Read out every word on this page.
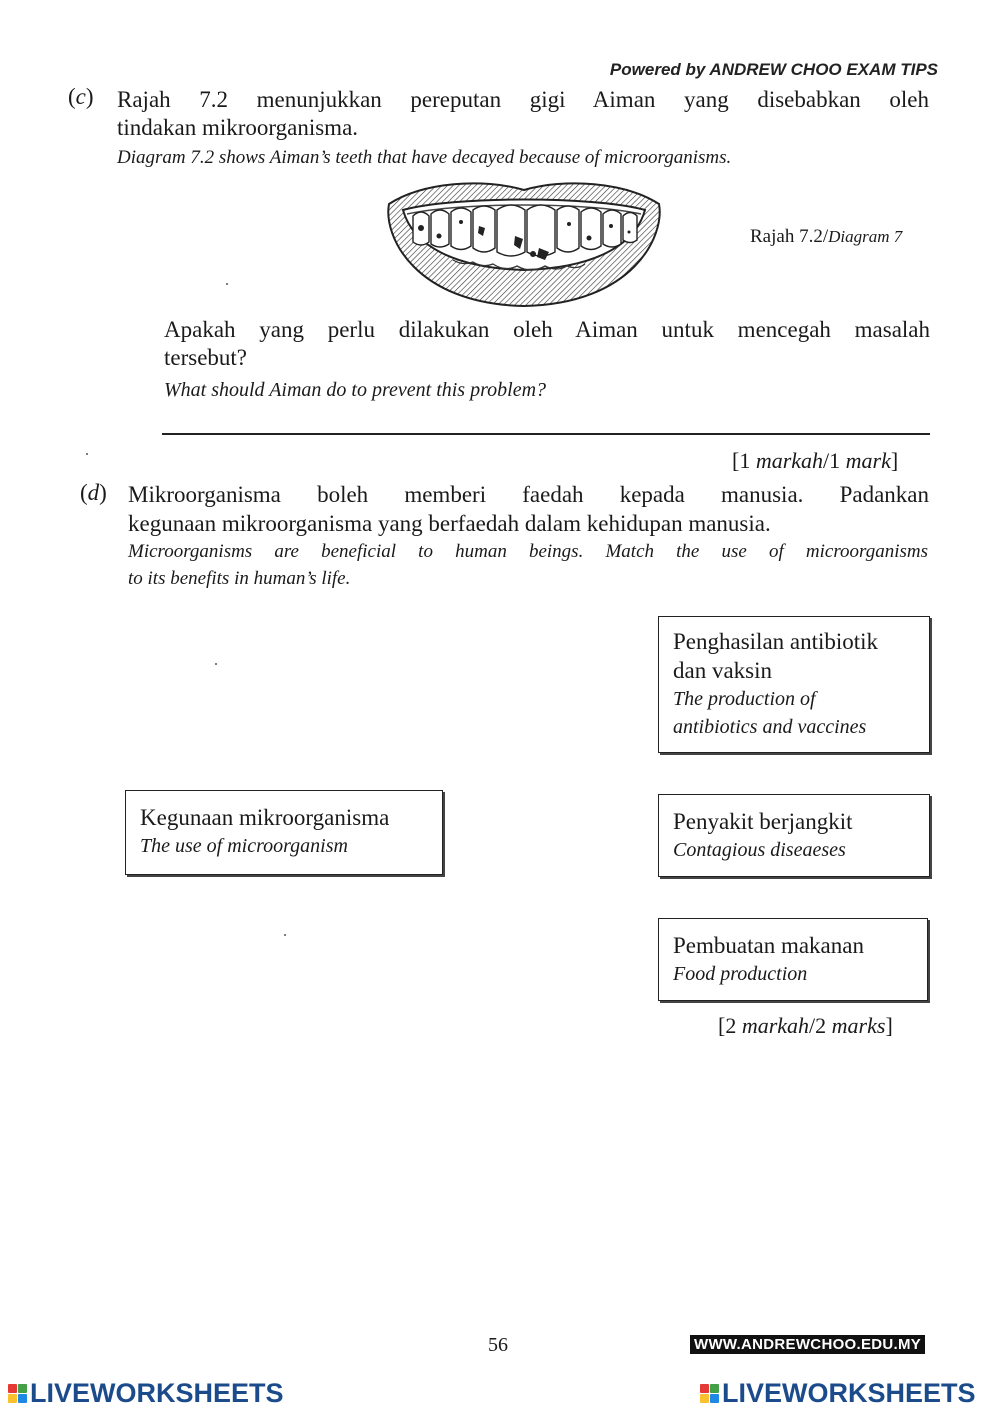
Powered by ANDREW CHOO EXAM TIPS
(c) Rajah 7.2 menunjukkan pereputan gigi Aiman yang disebabkan oleh
tindakan mikroorganisma.
Diagram 7.2 shows Aiman’s teeth that have decayed because of microorganisms.
Rajah 7.2/Diagram 7
Apakah yang perlu dilakukan oleh Aiman untuk mencegah masalah
tersebut?
What should Aiman do to prevent this problem?
[1 markah/1 mark]
(d) Mikroorganisma boleh memberi faedah kepada manusia. Padankan
kegunaan mikroorganisma yang berfaedah dalam kehidupan manusia.
Microorganisms are beneficial to human beings. Match the use of microorganisms
to its benefits in human’s life.
Kegunaan mikroorganisma
The use of microorganism
Penghasilan antibiotik
dan vaksin
The production of
antibiotics and vaccines
Penyakit berjangkit
Contagious diseaeses
Pembuatan makanan
Food production
[2 markah/2 marks]
56	WWW.ANDREWCHOO.EDU.MY
LIVEWORKSHEETS	LIVEWORKSHEETS
